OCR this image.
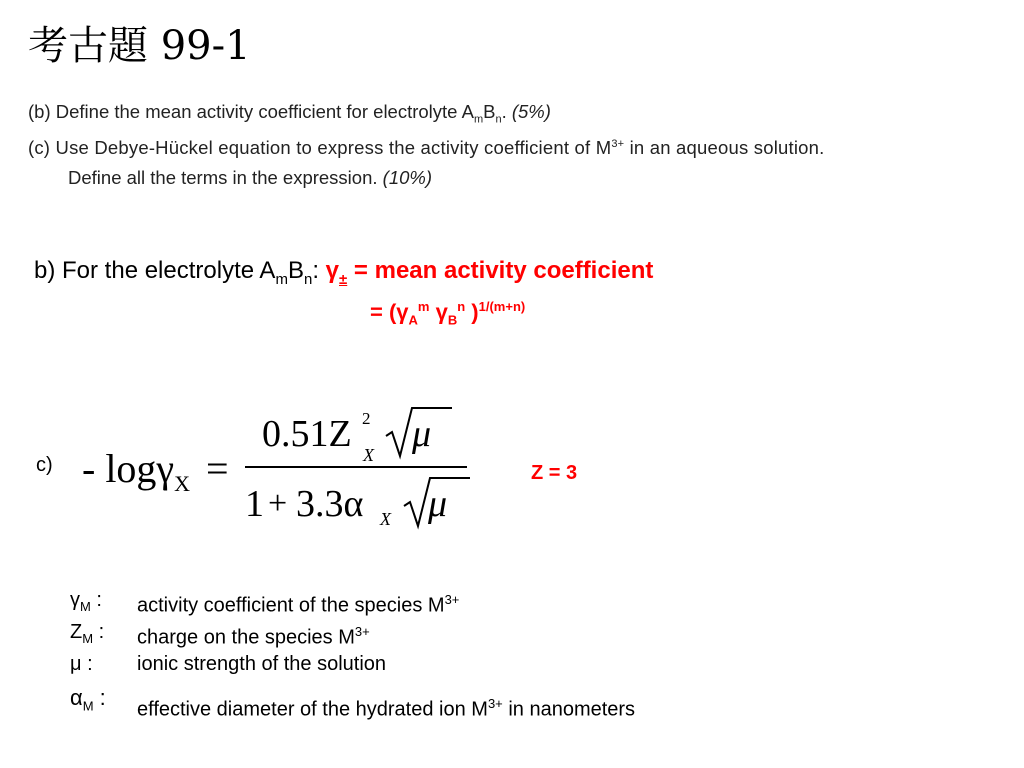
考古題 99-1
(b) Define the mean activity coefficient for electrolyte $A_mB_n$. (5%)
(c) Use Debye-Hückel equation to express the activity coefficient of $M^{3+}$ in an aqueous solution.
Define all the terms in the expression. (10%)
b) For the electrolyte $A_mB_n$: $\gamma_\pm$ = mean activity coefficient
= ($\gamma_A^m$ $\gamma_B^n$ )$^{1/(m+n)}$
c) - logγ$_X$ =
0.51Z 2
X μ
1 + 3.3α X μ
Z = 3
$\gamma_M$ : activity coefficient of the species $M^{3+}$
$Z_M$ : charge on the species $M^{3+}$
μ : ionic strength of the solution
$\alpha_M$ : effective diameter of the hydrated ion $M^{3+}$ in nanometers
